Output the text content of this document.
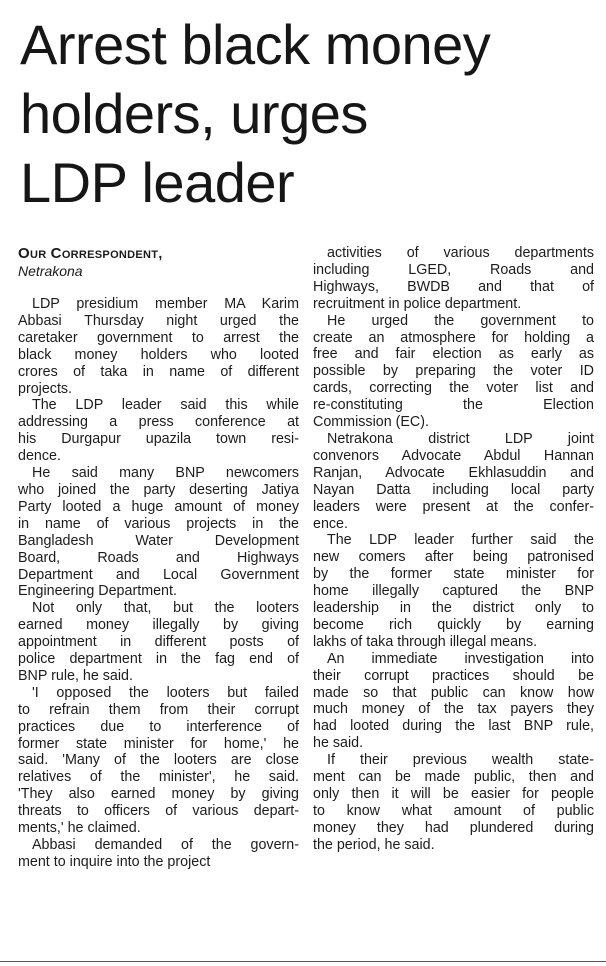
Arrest black money
holders, urges
LDP leader
OUR CORRESPONDENT,
Netrakona
LDP presidium member MA Karim
Abbasi Thursday night urged the
caretaker government to arrest the
black money holders who looted
crores of taka in name of different
projects.
The LDP leader said this while
addressing a press conference at
his Durgapur upazila town resi-
dence.
He said many BNP newcomers
who joined the party deserting Jatiya
Party looted a huge amount of money
in name of various projects in the
Bangladesh Water Development
Board, Roads and Highways
Department and Local Government
Engineering Department.
Not only that, but the looters
earned money illegally by giving
appointment in different posts of
police department in the fag end of
BNP rule, he said.
'I opposed the looters but failed
to refrain them from their corrupt
practices due to interference of
former state minister for home,' he
said. 'Many of the looters are close
relatives of the minister', he said.
'They also earned money by giving
threats to officers of various depart-
ments,' he claimed.
Abbasi demanded of the govern-
ment to inquire into the project
activities of various departments
including LGED, Roads and
Highways, BWDB and that of
recruitment in police department.
He urged the government to
create an atmosphere for holding a
free and fair election as early as
possible by preparing the voter ID
cards, correcting the voter list and
re-constituting the Election
Commission (EC).
Netrakona district LDP joint
convenors Advocate Abdul Hannan
Ranjan, Advocate Ekhlasuddin and
Nayan Datta including local party
leaders were present at the confer-
ence.
The LDP leader further said the
new comers after being patronised
by the former state minister for
home illegally captured the BNP
leadership in the district only to
become rich quickly by earning
lakhs of taka through illegal means.
An immediate investigation into
their corrupt practices should be
made so that public can know how
much money of the tax payers they
had looted during the last BNP rule,
he said.
If their previous wealth state-
ment can be made public, then and
only then it will be easier for people
to know what amount of public
money they had plundered during
the period, he said.
